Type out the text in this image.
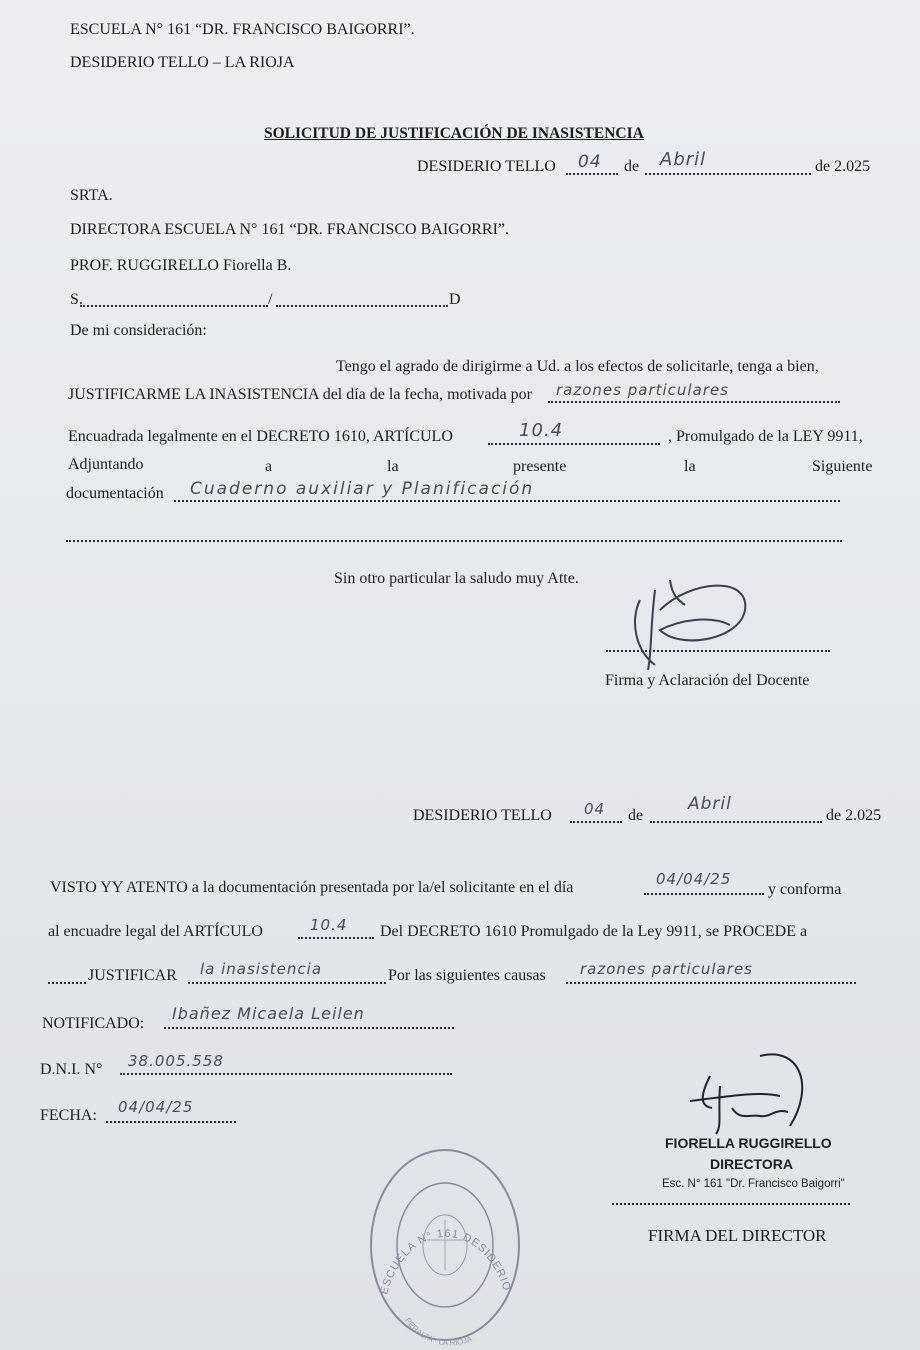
ESCUELA N° 161 “DR. FRANCISCO BAIGORRI”.
DESIDERIO TELLO – LA RIOJA
SOLICITUD DE JUSTIFICACIÓN DE INASISTENCIA
DESIDERIO TELLO 04 de Abril	de 2.025
SRTA.
DIRECTORA ESCUELA N° 161 “DR. FRANCISCO BAIGORRI”.
PROF. RUGGIRELLO Fiorella B.
S.	/	D
De mi consideración:
Tengo el agrado de dirigirme a Ud. a los efectos de solicitarle, tenga a bien,
JUSTIFICARME LA INASISTENCIA del día de la fecha, motivada por razones particulares
Encuadrada legalmente en el DECRETO 1610, ARTÍCULO	10.4	, Promulgado de la LEY 9911,
Adjuntando	a	la	presente	la	Siguiente
documentación Cuaderno auxiliar y Planificación
Sin otro particular la saludo muy Atte.
Firma y Aclaración del Docente
DESIDERIO TELLO 04 de
Abril
de 2.025
VISTO YY ATENTO a la documentación presentada por la/el solicitante en el día	04/04/25
y conforma
al encuadre legal del ARTÍCULO	10.4 Del DECRETO 1610 Promulgado de la Ley 9911, se PROCEDE a
JUSTIFICAR la inasistencia	Por las siguientes causas razones particulares
NOTIFICADO:
Ibañez Micaela Leilen
D.N.I. N° 38.005.558
FECHA: 04/04/25
FIORELLA RUGGIRELLO
DIRECTORA
Esc. N° 161 "Dr. Francisco Baigorri"
FIRMA DEL DIRECTOR
ESCUELA N° 161 DESIDERIO TELLO
PERALTA · LA RIOJA
